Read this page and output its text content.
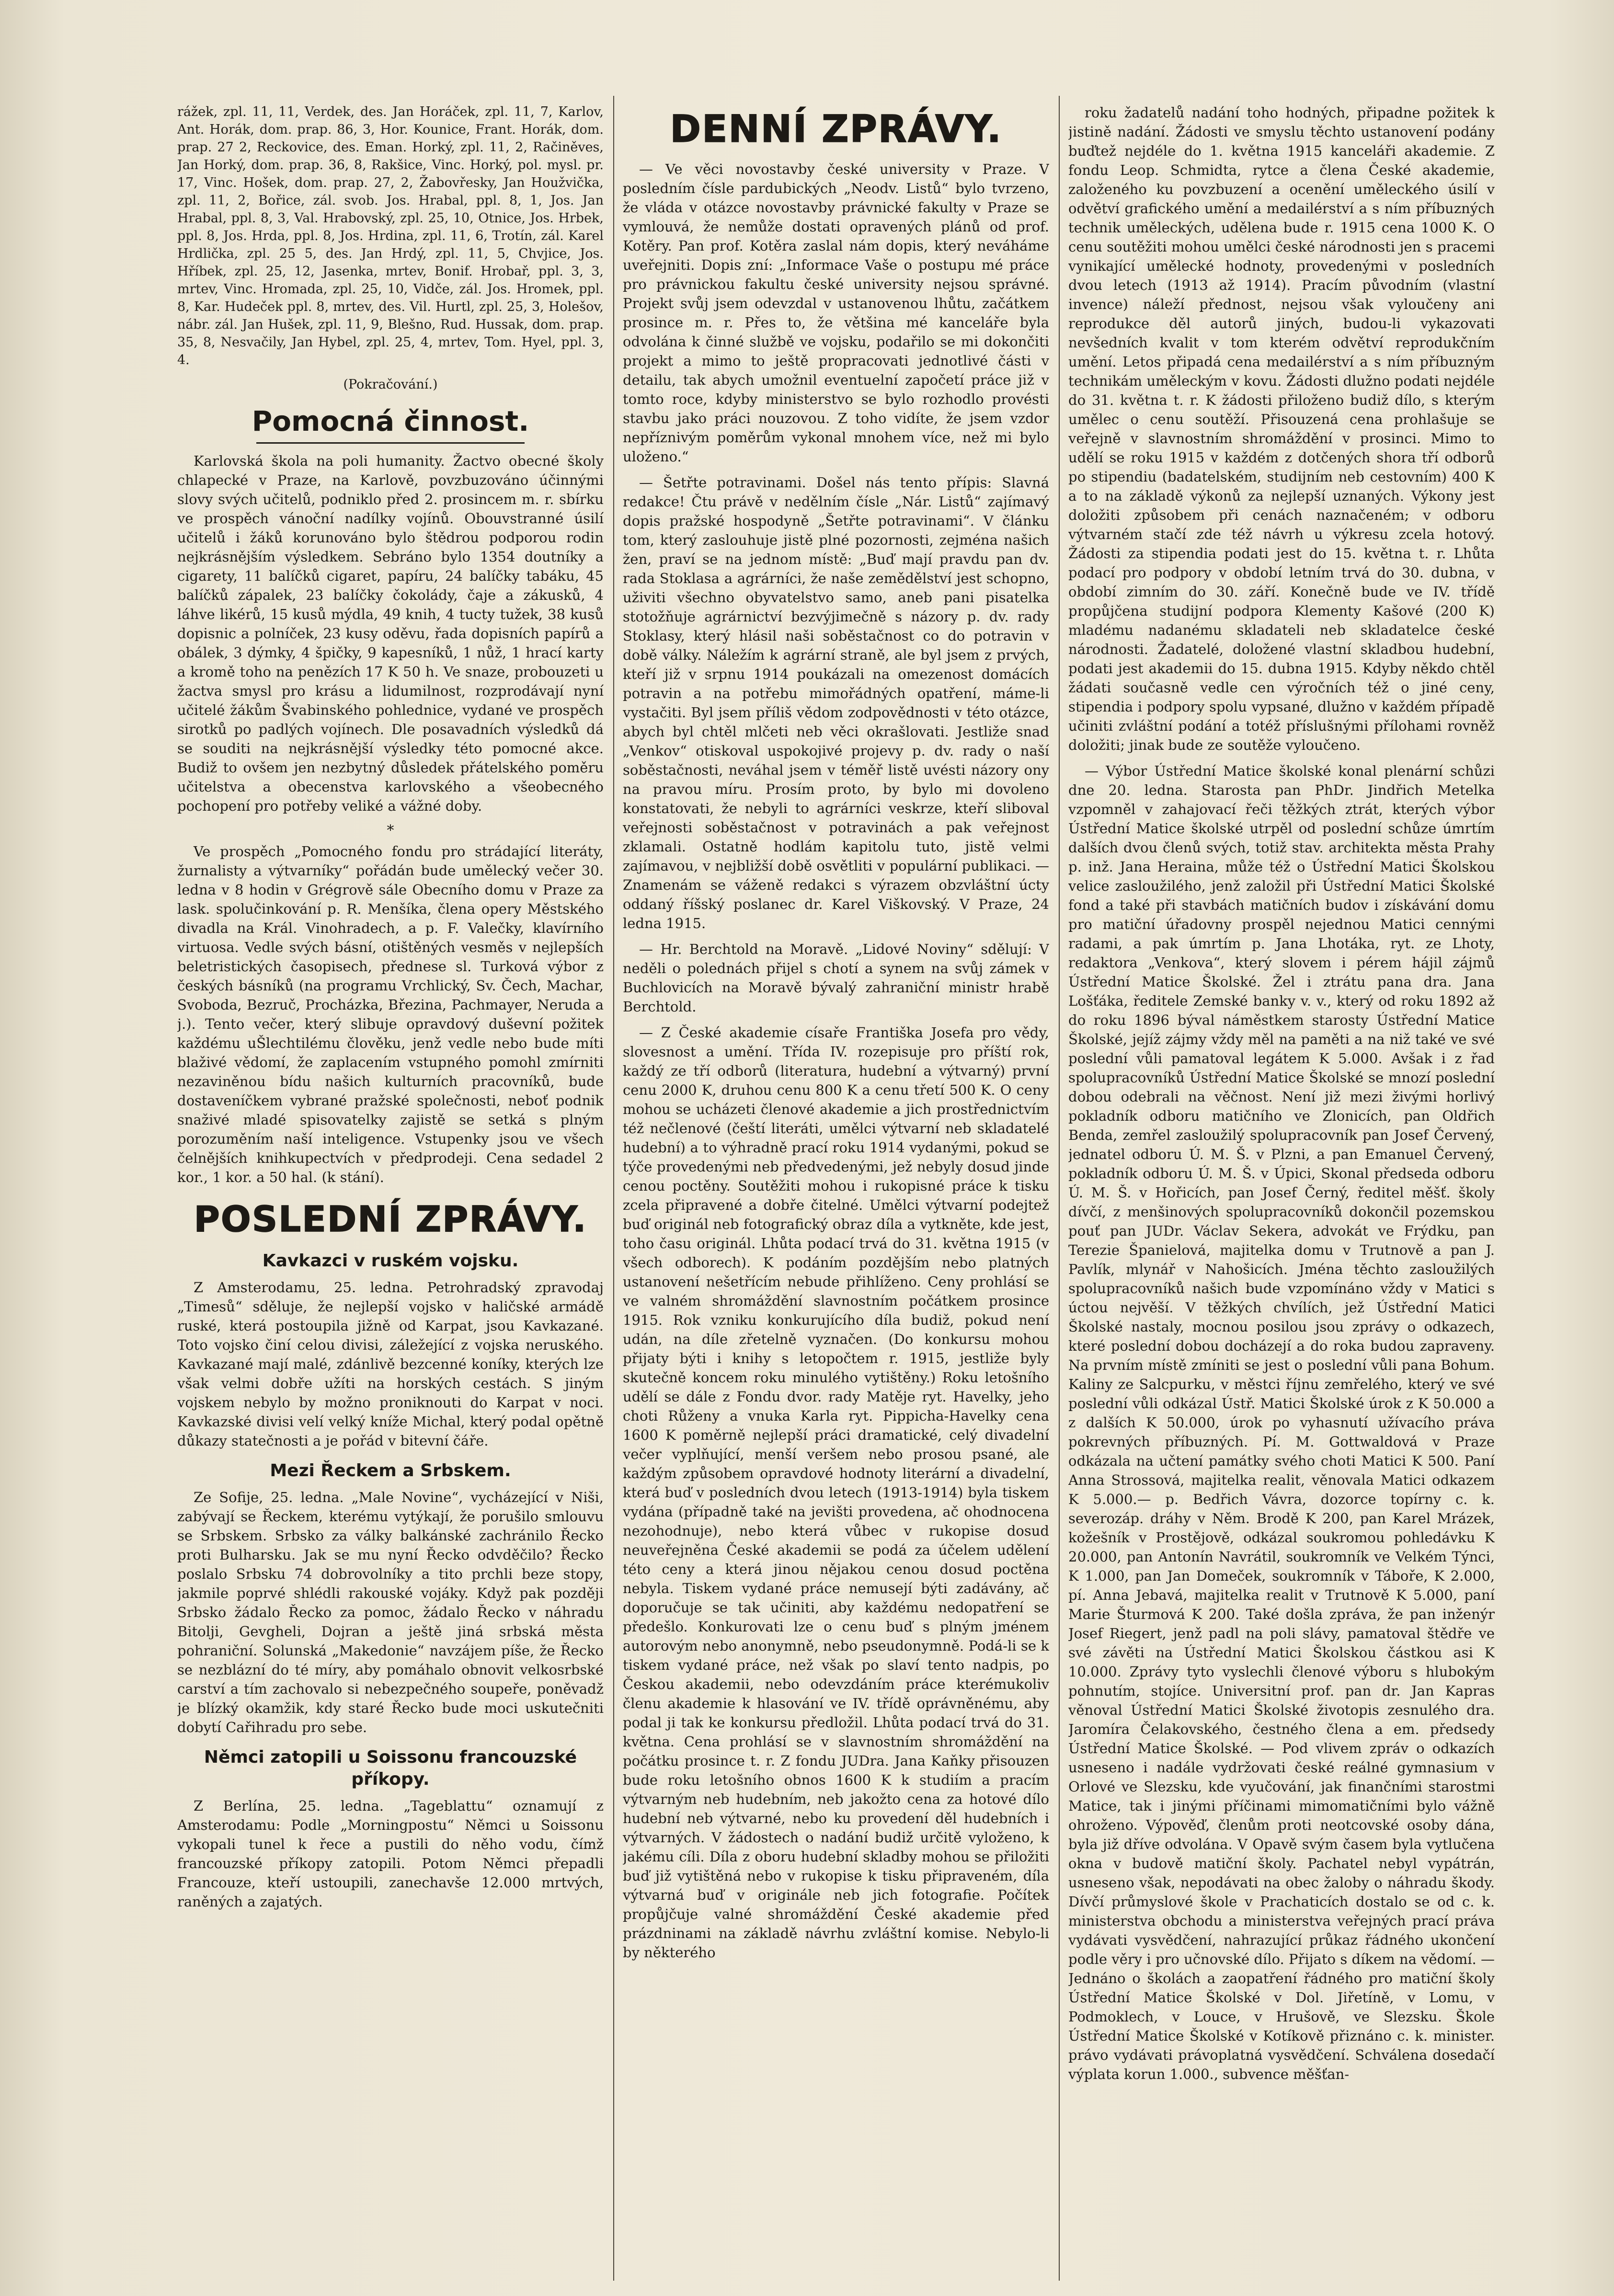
rážek, zpl. 11, 11, Verdek, des. Jan Horáček, zpl. 11, 7, Karlov, Ant. Horák, dom. prap. 86, 3, Hor. Kounice, Frant. Horák, dom. prap. 27 2, Reckovice, des. Eman. Horký, zpl. 11, 2, Račiněves, Jan Horký, dom. prap. 36, 8, Rakšice, Vinc. Horký, pol. mysl. pr. 17, Vinc. Hošek, dom. prap. 27, 2, Žabovřesky, Jan Houžvička, zpl. 11, 2, Bořice, zál. svob. Jos. Hrabal, ppl. 8, 1, Jos. Jan Hrabal, ppl. 8, 3, Val. Hrabovský, zpl. 25, 10, Otnice, Jos. Hrbek, ppl. 8, Jos. Hrda, ppl. 8, Jos. Hrdina, zpl. 11, 6, Trotín, zál. Karel Hrdlička, zpl. 25 5, des. Jan Hrdý, zpl. 11, 5, Chvjice, Jos. Hříbek, zpl. 25, 12, Jasenka, mrtev, Bonif. Hrobař, ppl. 3, 3, mrtev, Vinc. Hromada, zpl. 25, 10, Vidče, zál. Jos. Hromek, ppl. 8, Kar. Hudeček ppl. 8, mrtev, des. Vil. Hurtl, zpl. 25, 3, Holešov, nábr. zál. Jan Hušek, zpl. 11, 9, Blešno, Rud. Hussak, dom. prap. 35, 8, Nesvačily, Jan Hybel, zpl. 25, 4, mrtev, Tom. Hyel, ppl. 3, 4.

(Pokračování.)

Pomocná činnost.

Karlovská škola na poli humanity. Žactvo obecné školy chlapecké v Praze, na Karlově, povzbuzováno účinnými slovy svých učitelů, podniklo před 2. prosincem m. r. sbírku ve prospěch vánoční nadílky vojínů. Obouvstranné úsilí učitelů i žáků korunováno bylo štědrou podporou rodin nejkrásnějším výsledkem. Sebráno bylo 1354 doutníky a cigarety, 11 balíčků cigaret, papíru, 24 balíčky tabáku, 45 balíčků zápalek, 23 balíčky čokolády, čaje a zákusků, 4 láhve likérů, 15 kusů mýdla, 49 knih, 4 tucty tužek, 38 kusů dopisnic a polníček, 23 kusy oděvu, řada dopisních papírů a obálek, 3 dýmky, 4 špičky, 9 kapesníků, 1 nůž, 1 hrací karty a kromě toho na penězích 17 K 50 h. Ve snaze, probouzeti u žactva smysl pro krásu a lidumilnost, rozprodávají nyní učitelé žákům Švabinského pohlednice, vydané ve prospěch sirotků po padlých vojínech. Dle posavadních výsledků dá se souditi na nejkrásnější výsledky této pomocné akce. Budiž to ovšem jen nezbytný důsledek přátelského poměru učitelstva a obecenstva karlovského a všeobecného pochopení pro potřeby veliké a vážné doby.

*

Ve prospěch „Pomocného fondu pro strádající literáty, žurnalisty a výtvarníky“ pořádán bude umělecký večer 30. ledna v 8 hodin v Grégrově sále Obecního domu v Praze za lask. spolučinkování p. R. Menšíka, člena opery Městského divadla na Král. Vinohradech, a p. F. Valečky, klavírního virtuosa. Vedle svých básní, otištěných vesměs v nejlepších beletristických časopisech, přednese sl. Turková výbor z českých básníků (na programu Vrchlický, Sv. Čech, Machar, Svoboda, Bezruč, Procházka, Březina, Pachmayer, Neruda a j.). Tento večer, který slibuje opravdový duševní požitek každému uŠlechtilému člověku, jenž vedle nebo bude míti blaživé vědomí, že zaplacením vstupného pomohl zmírniti nezaviněnou bídu našich kulturních pracovníků, bude dostaveníčkem vybrané pražské společnosti, neboť podnik snaživé mladé spisovatelky zajistě se setká s plným porozuměním naší inteligence. Vstupenky jsou ve všech čelnějších knihkupectvích v předprodeji. Cena sedadel 2 kor., 1 kor. a 50 hal. (k stání).

POSLEDNÍ ZPRÁVY.
Kavkazci v ruském vojsku.

Z Amsterodamu, 25. ledna. Petrohradský zpravodaj „Timesů“ sděluje, že nejlepší vojsko v haličské armádě ruské, která postoupila jižně od Karpat, jsou Kavkazané. Toto vojsko činí celou divisi, záležející z vojska neruského. Kavkazané mají malé, zdánlivě bezcenné koníky, kterých lze však velmi dobře užíti na horských cestách. S jiným vojskem nebylo by možno proniknouti do Karpat v noci. Kavkazské divisi velí velký kníže Michal, který podal opětně důkazy statečnosti a je pořád v bitevní čáře.

Mezi Řeckem a Srbskem.

Ze Sofije, 25. ledna. „Male Novine“, vycházející v Niši, zabývají se Řeckem, kterému vytýkají, že porušilo smlouvu se Srbskem. Srbsko za války balkánské zachránilo Řecko proti Bulharsku. Jak se mu nyní Řecko odvděčilo? Řecko poslalo Srbsku 74 dobrovolníky a tito prchli beze stopy, jakmile poprvé shlédli rakouské vojáky. Když pak později Srbsko žádalo Řecko za pomoc, žádalo Řecko v náhradu Bitolji, Gevgheli, Dojran a ještě jiná srbská města pohraniční. Solunská „Makedonie“ navzájem píše, že Řecko se nezblázní do té míry, aby pomáhalo obnovit velkosrbské carství a tím zachovalo si nebezpečného soupeře, poněvadž je blízký okamžik, kdy staré Řecko bude moci uskutečniti dobytí Cařihradu pro sebe.

Němci zatopili u Soissonu francouzské příkopy.

Z Berlína, 25. ledna. „Tageblattu“ oznamují z Amsterodamu: Podle „Morningpostu“ Němci u Soissonu vykopali tunel k řece a pustili do něho vodu, čímž francouzské příkopy zatopili. Potom Němci přepadli Francouze, kteří ustoupili, zanechavše 12.000 mrtvých, raněných a zajatých.

DENNÍ ZPRÁVY.

— Ve věci novostavby české university v Praze. V posledním čísle pardubických „Neodv. Listů“ bylo tvrzeno, že vláda v otázce novostavby právnické fakulty v Praze se vymlouvá, že nemůže dostati opravených plánů od prof. Kotěry. Pan prof. Kotěra zaslal nám dopis, který neváháme uveřejniti. Dopis zní: „Informace Vaše o postupu mé práce pro právnickou fakultu české university nejsou správné. Projekt svůj jsem odevzdal v ustanovenou lhůtu, začátkem prosince m. r. Přes to, že většina mé kanceláře byla odvolána k činné službě ve vojsku, podařilo se mi dokončiti projekt a mimo to ještě propracovati jednotlivé části v detailu, tak abych umožnil eventuelní započetí práce již v tomto roce, kdyby ministerstvo se bylo rozhodlo provésti stavbu jako práci nouzovou. Z toho vidíte, že jsem vzdor nepříznivým poměrům vykonal mnohem více, než mi bylo uloženo.“

— Šetřte potravinami. Došel nás tento přípis: Slavná redakce! Čtu právě v nedělním čísle „Nár. Listů“ zajímavý dopis pražské hospodyně „Šetřte potravinami“. V článku tom, který zaslouhuje jistě plné pozornosti, zejména našich žen, praví se na jednom místě: „Buď mají pravdu pan dv. rada Stoklasa a agrárníci, že naše zemědělství jest schopno, uživiti všechno obyvatelstvo samo, aneb pani pisatelka stotožňuje agrárnictví bezvýjimečně s názory p. dv. rady Stoklasy, který hlásil naši soběstačnost co do potravin v době války. Náležím k agrární straně, ale byl jsem z prvých, kteří již v srpnu 1914 poukázali na omezenost domácích potravin a na potřebu mimořádných opatření, máme-li vystačiti. Byl jsem příliš vědom zodpovědnosti v této otázce, abych byl chtěl mlčeti neb věci okrašlovati. Jestliže snad „Venkov“ otiskoval uspokojivé projevy p. dv. rady o naší soběstačnosti, neváhal jsem v téměř listě uvésti názory ony na pravou míru. Prosím proto, by bylo mi dovoleno konstatovati, že nebyli to agrárníci veskrze, kteří sliboval veřejnosti soběstačnost v potravinách a pak veřejnost zklamali. Ostatně hodlám kapitolu tuto, jistě velmi zajímavou, v nejbližší době osvětliti v populární publikaci. — Znamenám se váženě redakci s výrazem obzvláštní úcty oddaný říšský poslanec dr. Karel Viškovský. V Praze, 24 ledna 1915.

— Hr. Berchtold na Moravě. „Lidové Noviny“ sdělují: V neděli o polednách přijel s chotí a synem na svůj zámek v Buchlovicích na Moravě bývalý zahraniční ministr hrabě Berchtold.

— Z České akademie císaře Františka Josefa pro vědy, slovesnost a umění. Třída IV. rozepisuje pro příští rok, každý ze tří odborů (literatura, hudební a výtvarný) první cenu 2000 K, druhou cenu 800 K a cenu třetí 500 K. O ceny mohou se ucházeti členové akademie a jich prostřednictvím též nečlenové (čeští literáti, umělci výtvarní neb skladatelé hudební) a to výhradně prací roku 1914 vydanými, pokud se týče provedenými neb předvedenými, jež nebyly dosud jinde cenou poctěny. Soutěžiti mohou i rukopisné práce k tisku zcela připravené a dobře čitelné. Umělci výtvarní podejtež buď originál neb fotografický obraz díla a vytkněte, kde jest, toho času originál. Lhůta podací trvá do 31. května 1915 (v všech odborech). K podáním pozdějším nebo platných ustanovení nešetřícím nebude přihlíženo. Ceny prohlásí se ve valném shromáždění slavnostním počátkem prosince 1915. Rok vzniku konkurujícího díla budiž, pokud není udán, na díle zřetelně vyznačen. (Do konkursu mohou přijaty býti i knihy s letopočtem r. 1915, jestliže byly skutečně koncem roku minulého vytištěny.) Roku letošního udělí se dále z Fondu dvor. rady Matěje ryt. Havelky, jeho choti Růženy a vnuka Karla ryt. Pippicha-Havelky cena 1600 K poměrně nejlepší práci dramatické, celý divadelní večer vyplňující, menší veršem nebo prosou psané, ale každým způsobem opravdové hodnoty literární a divadelní, která buď v posledních dvou letech (1913-1914) byla tiskem vydána (případně také na jevišti provedena, ač ohodnocena nezohodnuje), nebo která vůbec v rukopise dosud neuveřejněna České akademii se podá za účelem udělení této ceny a která jinou nějakou cenou dosud poctěna nebyla. Tiskem vydané práce nemusejí býti zadávány, ač doporučuje se tak učiniti, aby každému nedopatření se předešlo. Konkurovati lze o cenu buď s plným jménem autorovým nebo anonymně, nebo pseudonymně. Podá-li se k tiskem vydané práce, než však po slaví tento nadpis, po Českou akademii, nebo odevzdáním práce kterémukoliv členu akademie k hlasování ve IV. třídě oprávněnému, aby podal ji tak ke konkursu předložil. Lhůta podací trvá do 31. května. Cena prohlásí se v slavnostním shromáždění na počátku prosince t. r. Z fondu JUDra. Jana Kaňky přisouzen bude roku letošního obnos 1600 K k studiím a pracím výtvarným neb hudebním, neb jakožto cena za hotové dílo hudební neb výtvarné, nebo ku provedení děl hudebních i výtvarných. V žádostech o nadání budiž určitě vyloženo, k jakému cíli. Díla z oboru hudební skladby mohou se přiložiti buď již vytištěná nebo v rukopise k tisku připraveném, díla výtvarná buď v originále neb jich fotografie. Počítek propůjčuje valné shromáždění České akademie před prázdninami na základě návrhu zvláštní komise. Nebylo-li by některého

roku žadatelů nadání toho hodných, připadne požitek k jistině nadání. Žádosti ve smyslu těchto ustanovení podány buďtež nejdéle do 1. května 1915 kanceláři akademie. Z fondu Leop. Schmidta, rytce a člena České akademie, založeného ku povzbuzení a ocenění uměleckého úsilí v odvětví grafického umění a medailérství a s ním příbuzných technik uměleckých, udělena bude r. 1915 cena 1000 K. O cenu soutěžiti mohou umělci české národnosti jen s pracemi vynikající umělecké hodnoty, provedenými v posledních dvou letech (1913 až 1914). Pracím původním (vlastní invence) náleží přednost, nejsou však vyloučeny ani reprodukce děl autorů jiných, budou-li vykazovati nevšedních kvalit v tom kterém odvětví reprodukčním umění. Letos připadá cena medailérství a s ním příbuzným technikám uměleckým v kovu. Žádosti dlužno podati nejdéle do 31. května t. r. K žádosti přiloženo budiž dílo, s kterým umělec o cenu soutěží. Přisouzená cena prohlašuje se veřejně v slavnostním shromáždění v prosinci. Mimo to udělí se roku 1915 v každém z dotčených shora tří odborů po stipendiu (badatelském, studijním neb cestovním) 400 K a to na základě výkonů za nejlepší uznaných. Výkony jest doložiti způsobem při cenách naznačeném; v odboru výtvarném stačí zde též návrh u výkresu zcela hotový. Žádosti za stipendia podati jest do 15. května t. r. Lhůta podací pro podpory v období letním trvá do 30. dubna, v období zimním do 30. září. Konečně bude ve IV. třídě propůjčena studijní podpora Klementy Kašové (200 K) mladému nadanému skladateli neb skladatelce české národnosti. Žadatelé, doložené vlastní skladbou hudební, podati jest akademii do 15. dubna 1915. Kdyby někdo chtěl žádati současně vedle cen výročních též o jiné ceny, stipendia i podpory spolu vypsané, dlužno v každém případě učiniti zvláštní podání a totéž příslušnými přílohami rovněž doložiti; jinak bude ze soutěže vyloučeno.

— Výbor Ústřední Matice školské konal plenární schůzi dne 20. ledna. Starosta pan PhDr. Jindřich Metelka vzpomněl v zahajovací řeči těžkých ztrát, kterých výbor Ústřední Matice školské utrpěl od poslední schůze úmrtím dalších dvou členů svých, totiž stav. architekta města Prahy p. inž. Jana Heraina, může též o Ústřední Matici Školskou velice zasloužilého, jenž založil při Ústřední Matici Školské fond a také při stavbách matičních budov i získávání domu pro matiční úřadovny prospěl nejednou Matici cennými radami, a pak úmrtím p. Jana Lhotáka, ryt. ze Lhoty, redaktora „Venkova“, který slovem i pérem hájil zájmů Ústřední Matice Školské. Žel i ztrátu pana dra. Jana Lošťáka, ředitele Zemské banky v. v., který od roku 1892 až do roku 1896 býval náměstkem starosty Ústřední Matice Školské, jejíž zájmy vždy měl na paměti a na niž také ve své poslední vůli pamatoval legátem K 5.000. Avšak i z řad spolupracovníků Ústřední Matice Školské se mnozí poslední dobou odebrali na věčnost. Není již mezi živými horlivý pokladník odboru matičního ve Zlonicích, pan Oldřich Benda, zemřel zasloužilý spolupracovník pan Josef Červený, jednatel odboru Ú. M. Š. v Plzni, a pan Emanuel Červený, pokladník odboru Ú. M. Š. v Úpici, Skonal předseda odboru Ú. M. Š. v Hořicích, pan Josef Černý, ředitel měšť. školy dívčí, z menšinových spolupracovníků dokončil pozemskou pouť pan JUDr. Václav Sekera, advokát ve Frýdku, pan Terezie Španielová, majitelka domu v Trutnově a pan J. Pavlík, mlynář v Nahošicích. Jména těchto zasloužilých spolupracovníků našich bude vzpomínáno vždy v Matici s úctou nejvěší. V těžkých chvílích, jež Ústřední Matici Školské nastaly, mocnou posilou jsou zprávy o odkazech, které poslední dobou docházejí a do roka budou zapraveny. Na prvním místě zmíniti se jest o poslední vůli pana Bohum. Kaliny ze Salcpurku, v městci říjnu zemřelého, který ve své poslední vůli odkázal Ústř. Matici Školské úrok z K 50.000 a z dalších K 50.000, úrok po vyhasnutí užívacího práva pokrevných příbuzných. Pí. M. Gottwaldová v Praze odkázala na učtení památky svého choti Matici K 500. Paní Anna Strossová, majitelka realit, věnovala Matici odkazem K 5.000.— p. Bedřich Vávra, dozorce topírny c. k. severozáp. dráhy v Něm. Brodě K 200, pan Karel Mrázek, kožešník v Prostějově, odkázal soukromou pohledávku K 20.000, pan Antonín Navrátil, soukromník ve Velkém Týnci, K 1.000, pan Jan Domeček, soukromník v Táboře, K 2.000, pí. Anna Jebavá, majitelka realit v Trutnově K 5.000, paní Marie Šturmová K 200. Také došla zpráva, že pan inženýr Josef Riegert, jenž padl na poli slávy, pamatoval štědře ve své závěti na Ústřední Matici Školskou částkou asi K 10.000. Zprávy tyto vyslechli členové výboru s hlubokým pohnutím, stojíce. Universitní prof. pan dr. Jan Kapras věnoval Ústřední Matici Školské životopis zesnulého dra. Jaromíra Čelakovského, čestného člena a em. předsedy Ústřední Matice Školské. — Pod vlivem zpráv o odkazích usneseno i nadále vydržovati české reálné gymnasium v Orlové ve Slezsku, kde vyučování, jak finančními starostmi Matice, tak i jinými příčinami mimomatičními bylo vážně ohroženo. Výpověď, členům proti neotcovské osoby dána, byla již dříve odvolána. V Opavě svým časem byla vytlučena okna v budově matiční školy. Pachatel nebyl vypátrán, usneseno však, nepodávati na obec žaloby o náhradu škody. Dívčí průmyslové škole v Prachaticích dostalo se od c. k. ministerstva obchodu a ministerstva veřejných prací práva vydávati vysvědčení, nahrazující průkaz řádného ukončení podle věry i pro učnovské dílo. Přijato s díkem na vědomí. — Jednáno o školách a zaopatření řádného pro matiční školy Ústřední Matice Školské v Dol. Jiřetíně, v Lomu, v Podmoklech, v Louce, v Hrušově, ve Slezsku. Škole Ústřední Matice Školské v Kotíkově přiznáno c. k. minister. právo vydávati právoplatná vysvědčení. Schválena dosedačí výplata korun 1.000., subvence měšťan-
